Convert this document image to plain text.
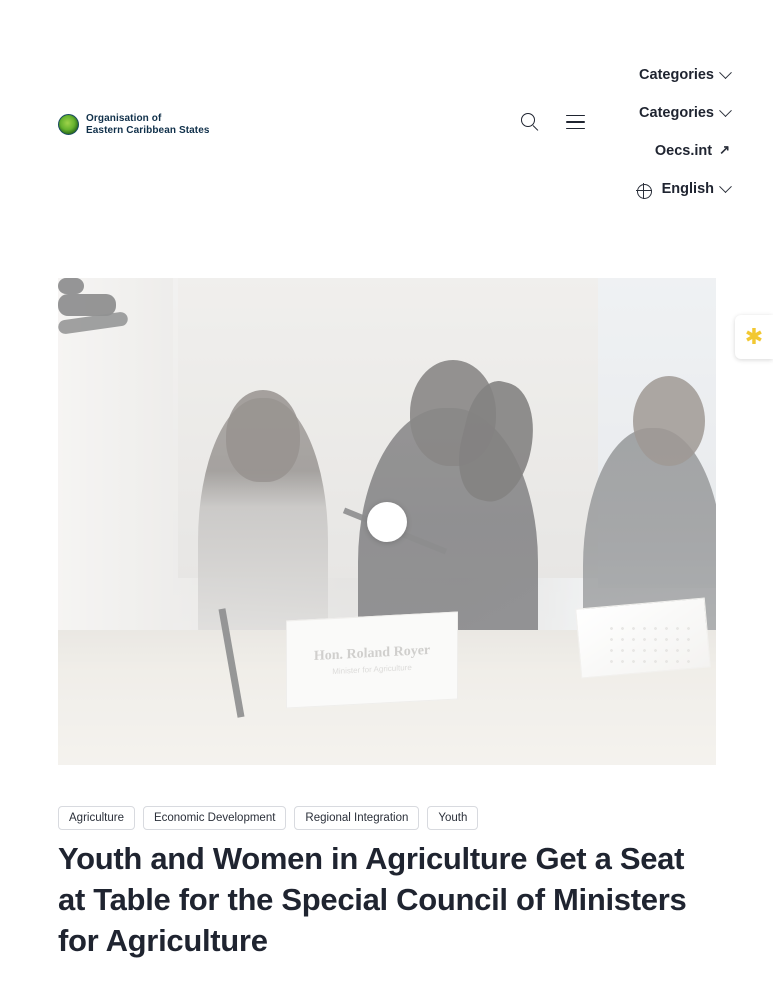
Organisation of
Eastern Caribbean States
Categories
Categories
Oecs.int ↗
English
Hon. Roland Royer
Minister for Agriculture
✱
Agriculture	Economic Development	Regional Integration	Youth
Youth and Women in Agriculture Get a Seat at Table for the Special Council of Ministers for Agriculture
